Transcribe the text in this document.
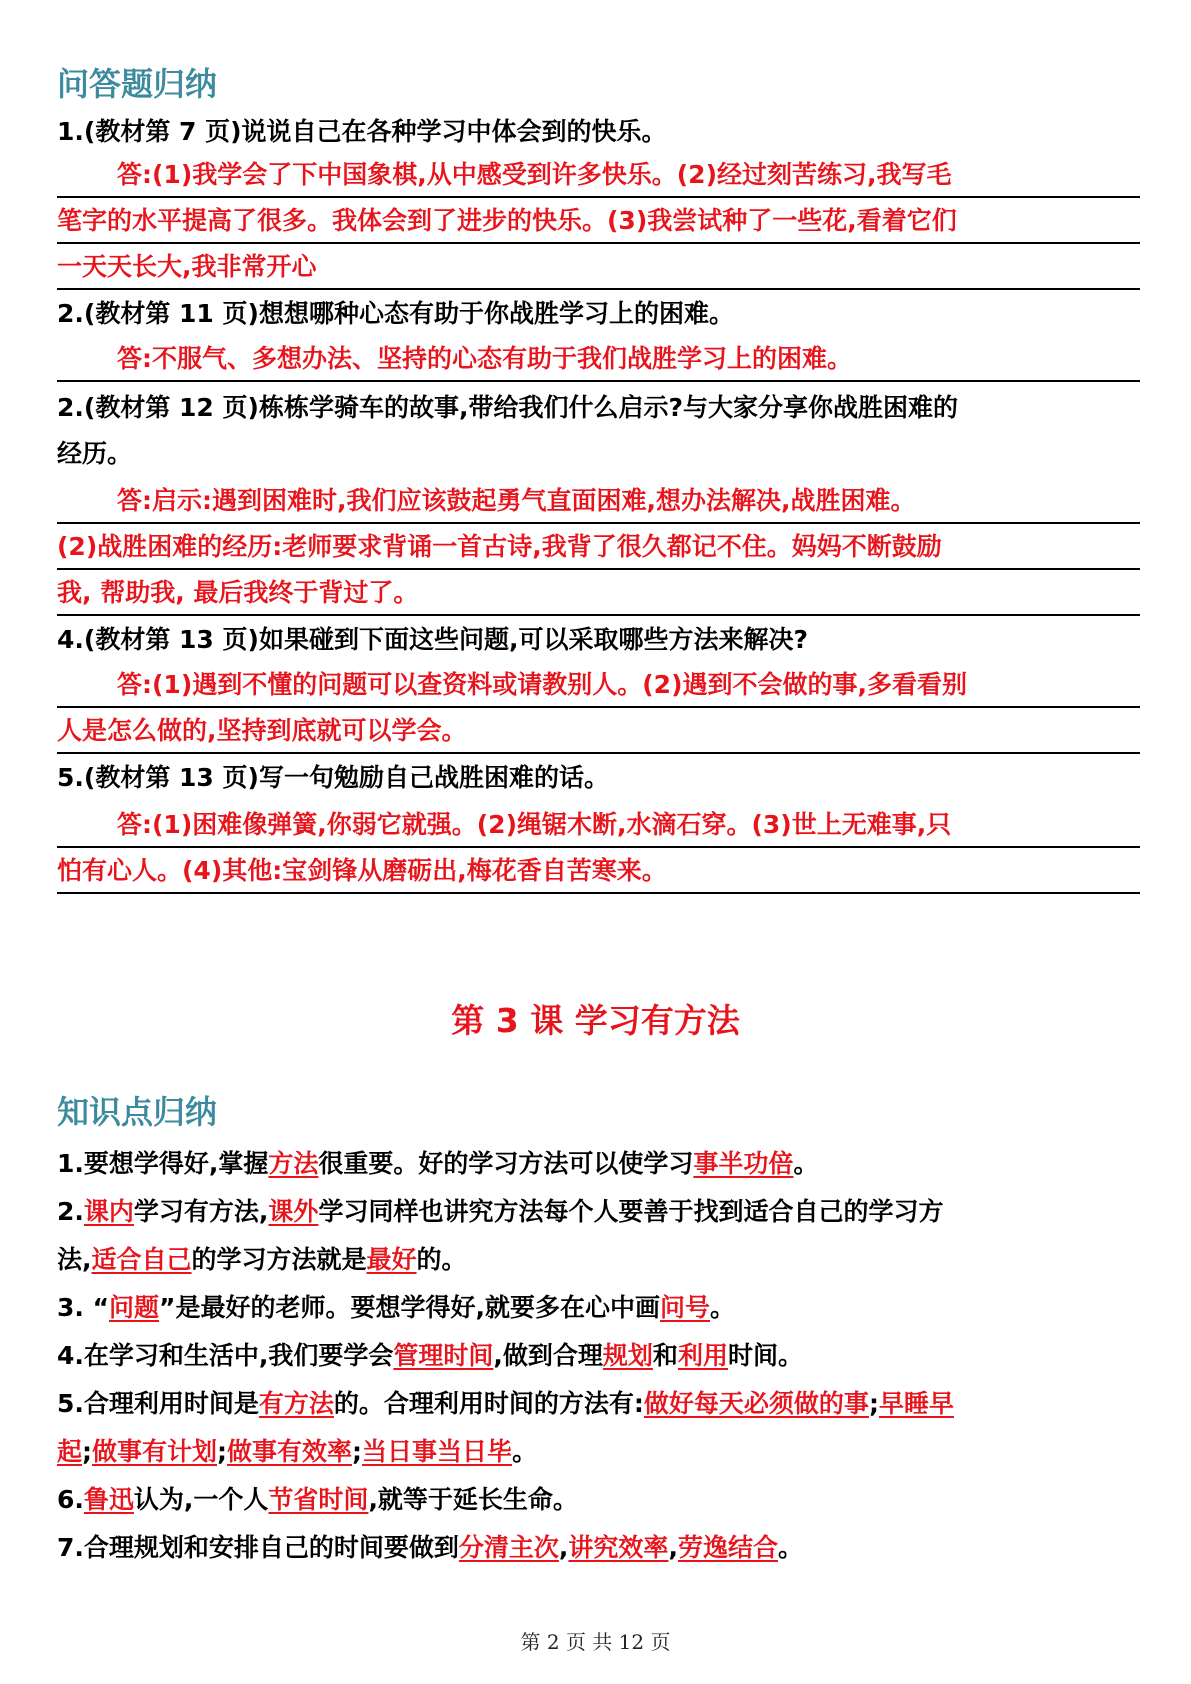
问答题归纳

1.(教材第 7 页)说说自己在各种学习中体会到的快乐。

答:(1)我学会了下中国象棋,从中感受到许多快乐。(2)经过刻苦练习,我写毛

笔字的水平提高了很多。我体会到了进步的快乐。(3)我尝试种了一些花,看着它们

一天天长大,我非常开心

2.(教材第 11 页)想想哪种心态有助于你战胜学习上的困难。

答:不服气、多想办法、坚持的心态有助于我们战胜学习上的困难。

2.(教材第 12 页)栋栋学骑车的故事,带给我们什么启示?与大家分享你战胜困难的

经历。

答:启示:遇到困难时,我们应该鼓起勇气直面困难,想办法解决,战胜困难。

(2)战胜困难的经历:老师要求背诵一首古诗,我背了很久都记不住。妈妈不断鼓励

我, 帮助我, 最后我终于背过了。

4.(教材第 13 页)如果碰到下面这些问题,可以采取哪些方法来解决?

答:(1)遇到不懂的问题可以查资料或请教别人。(2)遇到不会做的事,多看看别

人是怎么做的,坚持到底就可以学会。

5.(教材第 13 页)写一句勉励自己战胜困难的话。

答:(1)困难像弹簧,你弱它就强。(2)绳锯木断,水滴石穿。(3)世上无难事,只

怕有心人。(4)其他:宝剑锋从磨砺出,梅花香自苦寒来。

第 3 课 学习有方法
知识点归纳

1.要想学得好,掌握方法很重要。好的学习方法可以使学习事半功倍。

2.课内学习有方法,课外学习同样也讲究方法每个人要善于找到适合自己的学习方

法,适合自己的学习方法就是最好的。

3. “问题”是最好的老师。要想学得好,就要多在心中画问号。

4.在学习和生活中,我们要学会管理时间,做到合理规划和利用时间。

5.合理利用时间是有方法的。合理利用时间的方法有:做好每天必须做的事;早睡早

起;做事有计划;做事有效率;当日事当日毕。

6.鲁迅认为,一个人节省时间,就等于延长生命。

7.合理规划和安排自己的时间要做到分清主次,讲究效率,劳逸结合。

第 2 页 共 12 页
